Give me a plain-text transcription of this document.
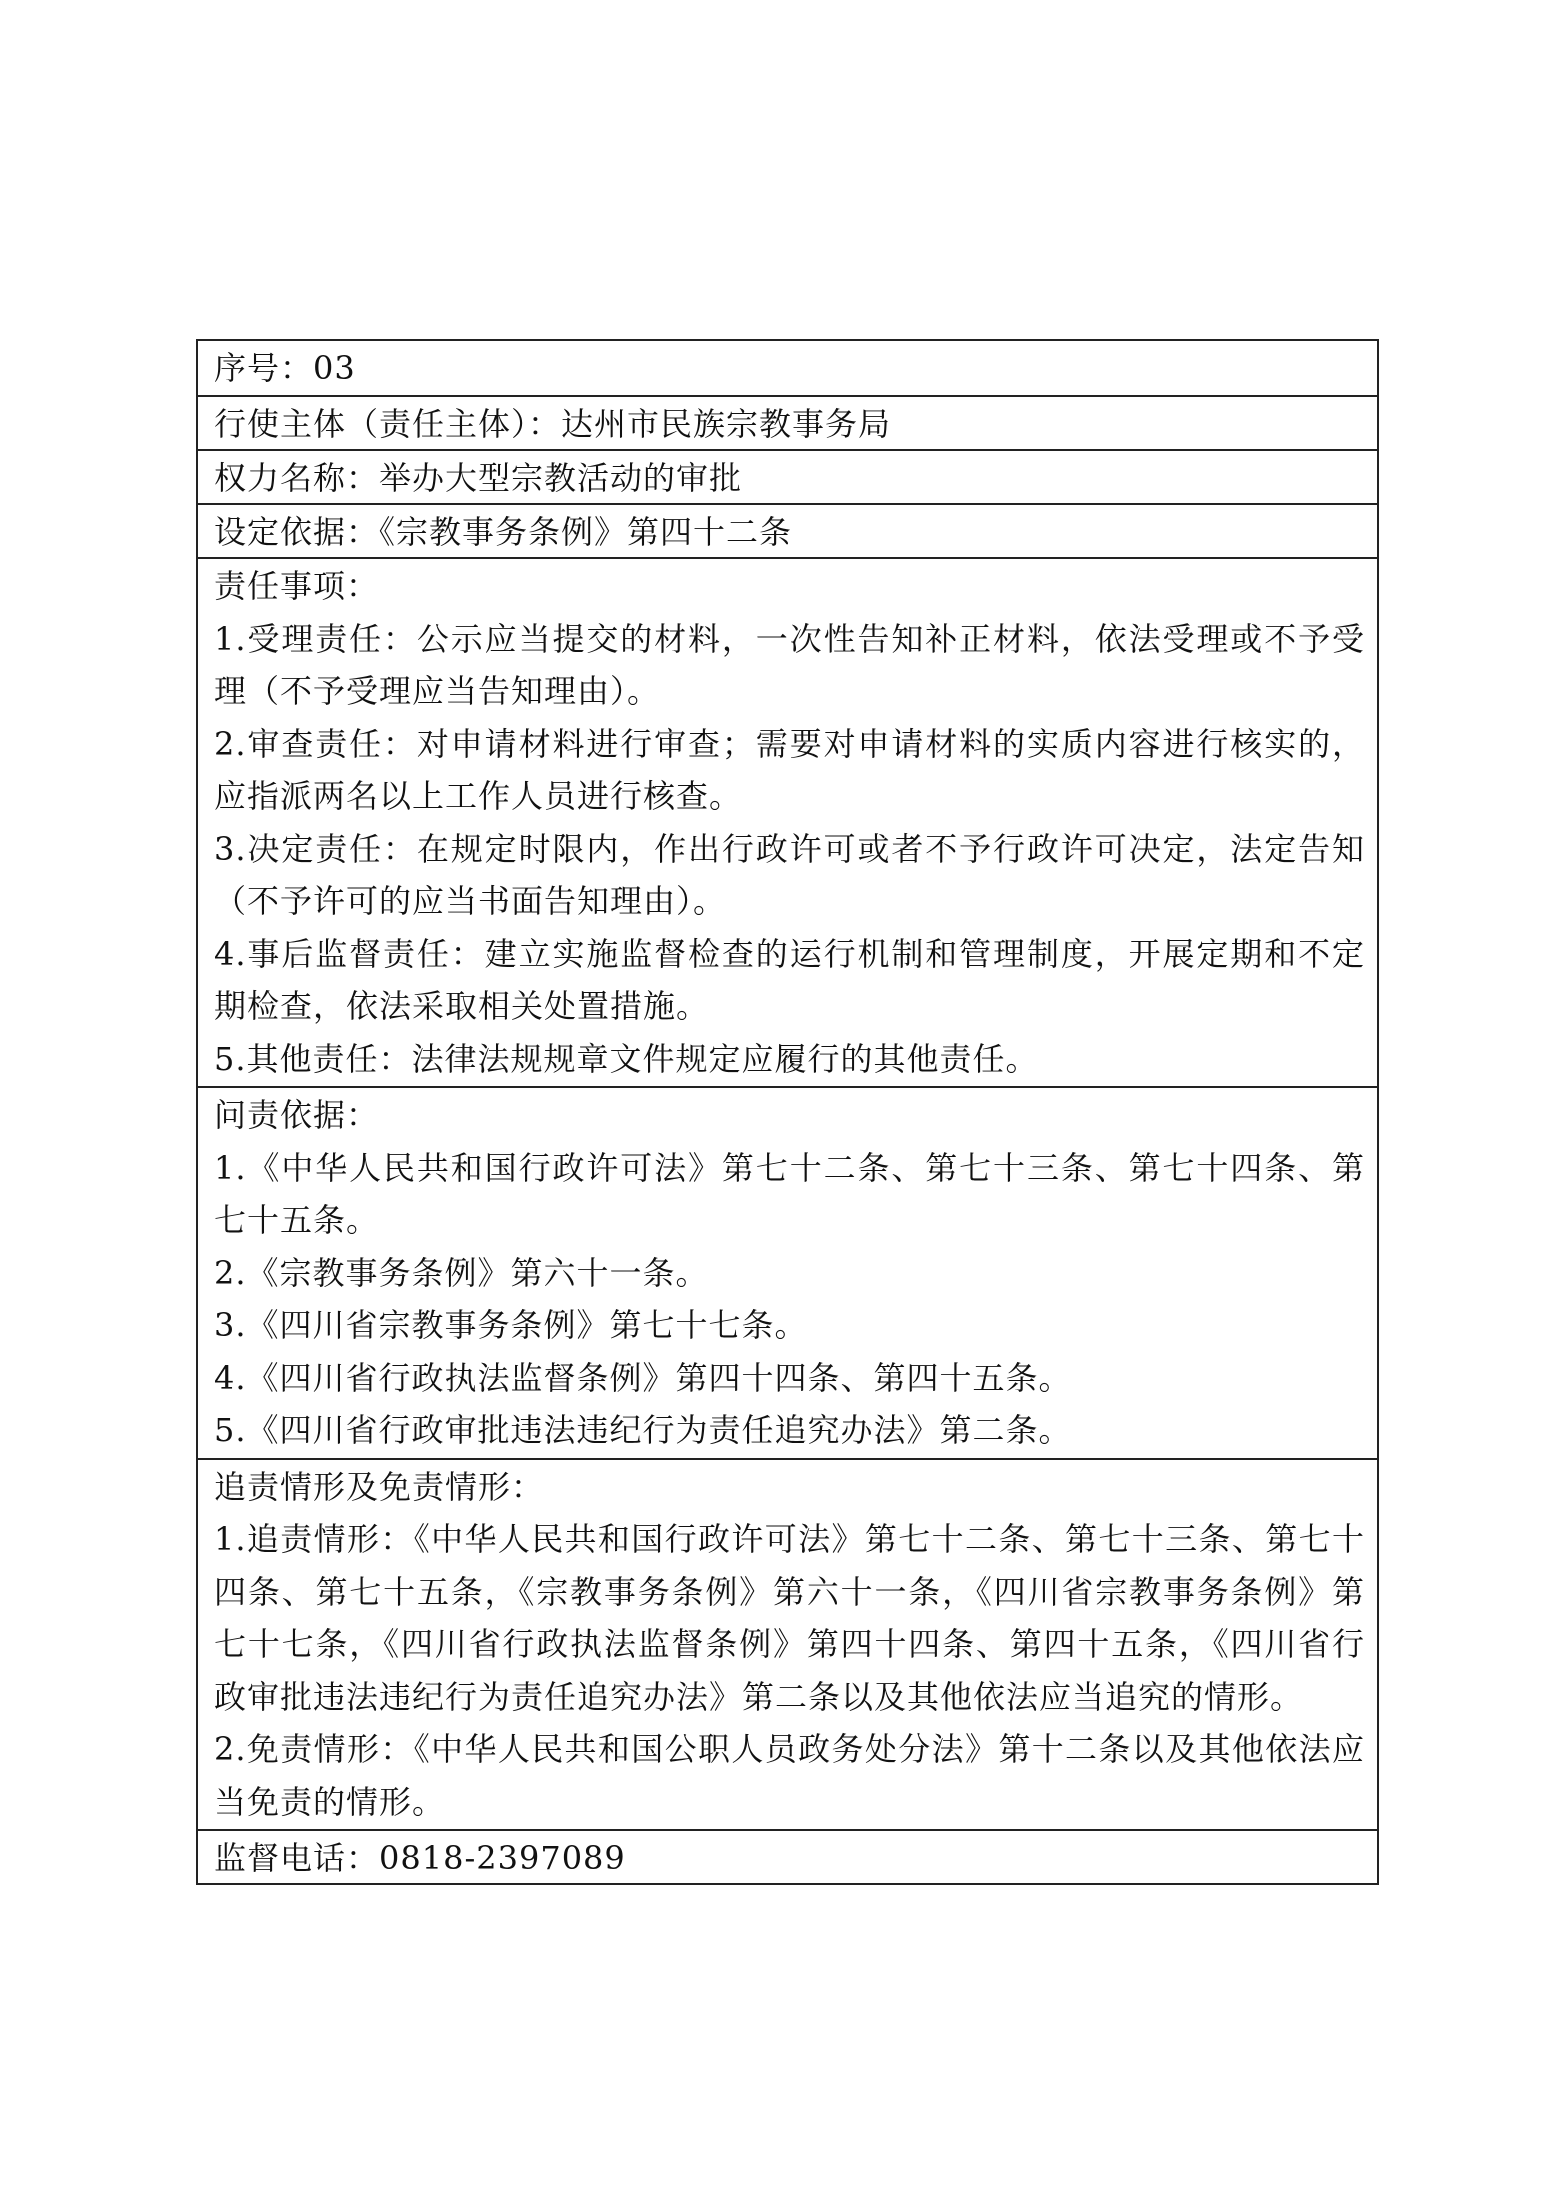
序号：03

行使主体（责任主体）：达州市民族宗教事务局

权力名称：举办大型宗教活动的审批

设定依据：《宗教事务条例》第四十二条

责任事项：

1.受理责任：公示应当提交的材料，一次性告知补正材料，依法受理或不予受理（不予受理应当告知理由）。

2.审查责任：对申请材料进行审查；需要对申请材料的实质内容进行核实的，应指派两名以上工作人员进行核查。

3.决定责任：在规定时限内，作出行政许可或者不予行政许可决定，法定告知（不予许可的应当书面告知理由）。

4.事后监督责任：建立实施监督检查的运行机制和管理制度，开展定期和不定期检查，依法采取相关处置措施。

5.其他责任：法律法规规章文件规定应履行的其他责任。

问责依据：

1.《中华人民共和国行政许可法》第七十二条、第七十三条、第七十四条、第七十五条。

2.《宗教事务条例》第六十一条。

3.《四川省宗教事务条例》第七十七条。

4.《四川省行政执法监督条例》第四十四条、第四十五条。

5.《四川省行政审批违法违纪行为责任追究办法》第二条。

追责情形及免责情形：

1.追责情形：《中华人民共和国行政许可法》第七十二条、第七十三条、第七十四条、第七十五条，《宗教事务条例》第六十一条，《四川省宗教事务条例》第七十七条，《四川省行政执法监督条例》第四十四条、第四十五条，《四川省行政审批违法违纪行为责任追究办法》第二条以及其他依法应当追究的情形。

2.免责情形：《中华人民共和国公职人员政务处分法》第十二条以及其他依法应当免责的情形。

监督电话：0818-2397089
